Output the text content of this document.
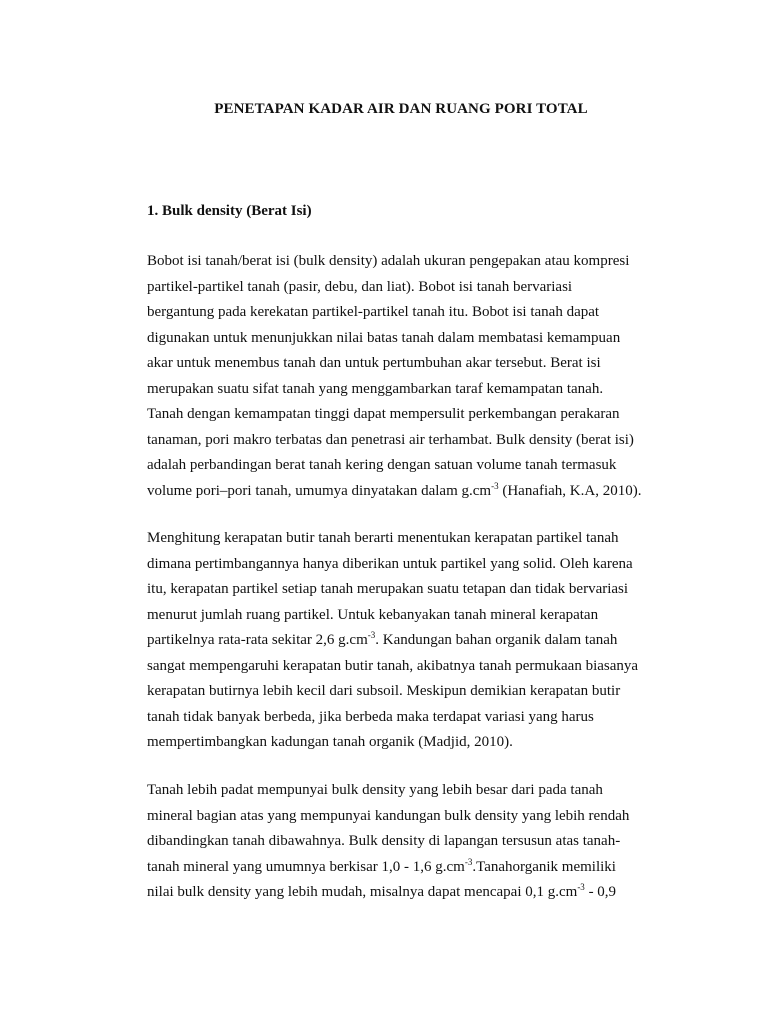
PENETAPAN KADAR AIR DAN RUANG PORI TOTAL
1. Bulk density (Berat Isi)
Bobot isi tanah/berat isi (bulk density) adalah ukuran pengepakan atau kompresi
partikel-partikel tanah (pasir, debu, dan liat). Bobot isi tanah bervariasi
bergantung pada kerekatan partikel-partikel tanah itu. Bobot isi tanah dapat
digunakan untuk menunjukkan nilai batas tanah dalam membatasi kemampuan
akar untuk menembus tanah dan untuk pertumbuhan akar tersebut. Berat isi
merupakan suatu sifat tanah yang menggambarkan taraf kemampatan tanah.
Tanah dengan kemampatan tinggi dapat mempersulit perkembangan perakaran
tanaman, pori makro terbatas dan penetrasi air terhambat. Bulk density (berat isi)
adalah perbandingan berat tanah kering dengan satuan volume tanah termasuk
volume pori–pori tanah, umumya dinyatakan dalam $g.cm^{-3}$ (Hanafiah, K.A, 2010).
Menghitung kerapatan butir tanah berarti menentukan kerapatan partikel tanah
dimana pertimbangannya hanya diberikan untuk partikel yang solid. Oleh karena
itu, kerapatan partikel setiap tanah merupakan suatu tetapan dan tidak bervariasi
menurut jumlah ruang partikel. Untuk kebanyakan tanah mineral kerapatan
partikelnya rata-rata sekitar 2,6 $g.cm^{-3}$. Kandungan bahan organik dalam tanah
sangat mempengaruhi kerapatan butir tanah, akibatnya tanah permukaan biasanya
kerapatan butirnya lebih kecil dari subsoil. Meskipun demikian kerapatan butir
tanah tidak banyak berbeda, jika berbeda maka terdapat variasi yang harus
mempertimbangkan kadungan tanah organik (Madjid, 2010).
Tanah lebih padat mempunyai bulk density yang lebih besar dari pada tanah
mineral bagian atas yang mempunyai kandungan bulk density yang lebih rendah
dibandingkan tanah dibawahnya. Bulk density di lapangan tersusun atas tanah-
tanah mineral yang umumnya berkisar 1,0 - 1,6 $g.cm^{-3}.Tanahorganik$ memiliki
nilai bulk density yang lebih mudah, misalnya dapat mencapai 0,1 $g.cm^{-3} - 0,9$
